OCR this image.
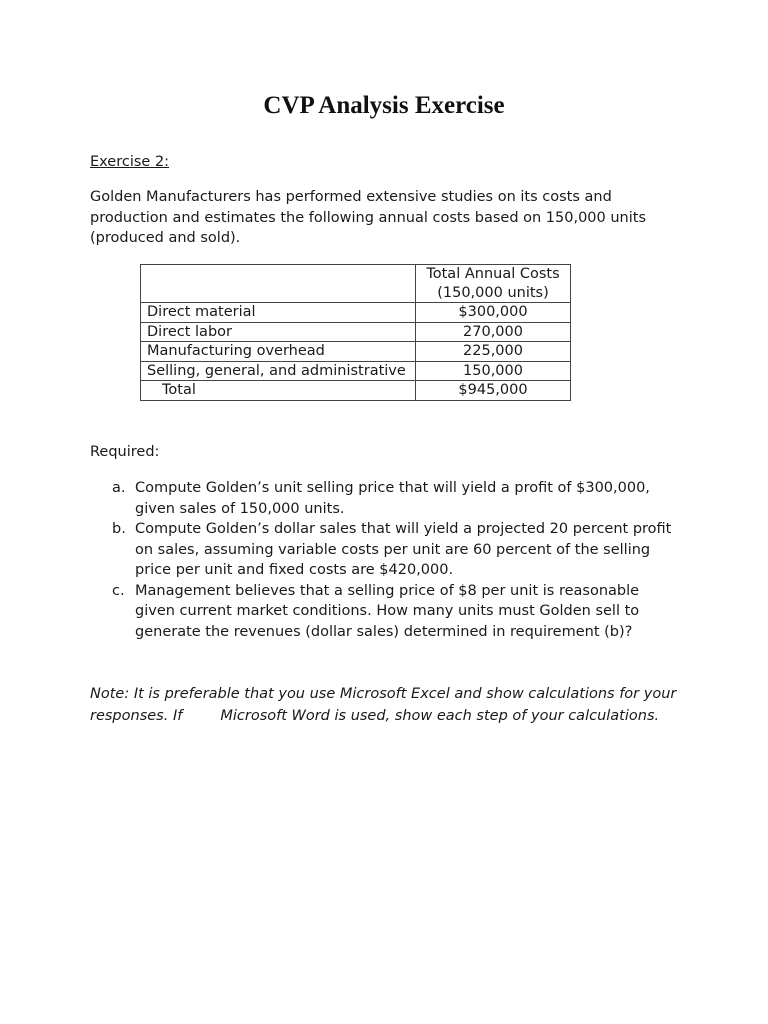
CVP Analysis Exercise
Exercise 2:

Golden Manufacturers has performed extensive studies on its costs and production and estimates the following annual costs based on 150,000 units (produced and sold).

	Total Annual Costs
(150,000 units)

Direct material	$300,000
Direct labor	270,000
Manufacturing overhead	225,000
Selling, general, and administrative	150,000
Total	$945,000
Required:
a. Compute Golden’s unit selling price that will yield a profit of $300,000, given sales of 150,000 units.
b. Compute Golden’s dollar sales that will yield a projected 20 percent profit on sales, assuming variable costs per unit are 60 percent of the selling price per unit and fixed costs are $420,000.
c. Management believes that a selling price of $8 per unit is reasonable given current market conditions. How many units must Golden sell to generate the revenues (dollar sales) determined in requirement (b)?

Note: It is preferable that you use Microsoft Excel and show calculations for your responses. If	Microsoft Word is used, show each step of your calculations.
